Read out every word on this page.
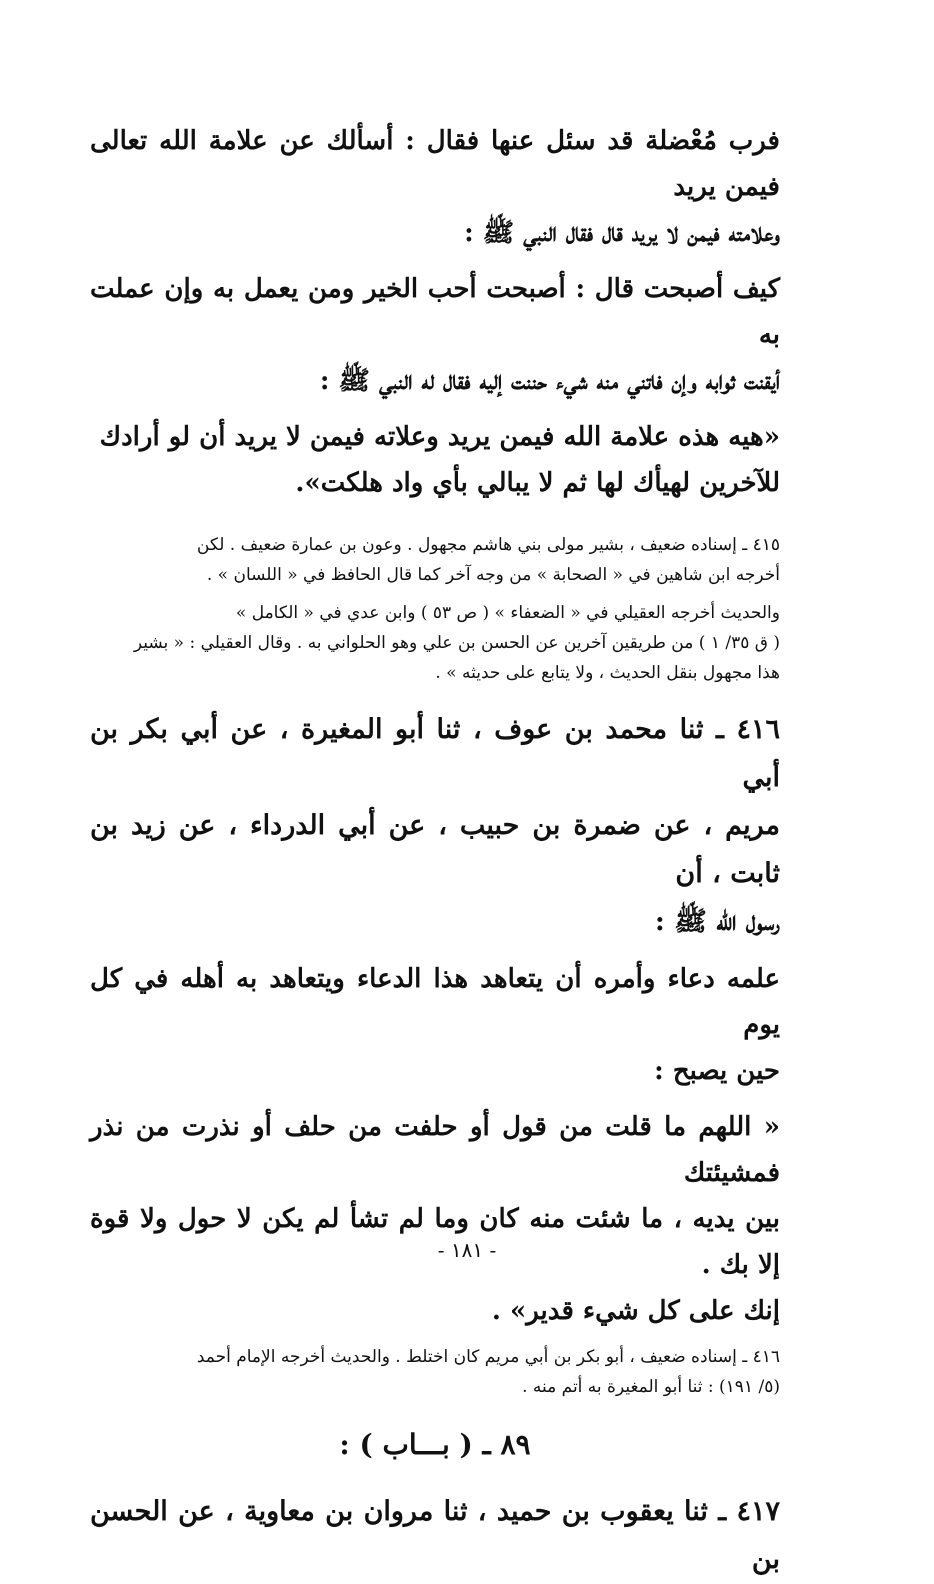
فرب مُعْضلة قد سئل عنها فقال : أسألك عن علامة الله تعالى فيمن يريد
وعلامته فيمن لا يريد قال فقال النبي ﷺ :

كيف أصبحت قال : أصبحت أحب الخير ومن يعمل به وإن عملت به
أيقنت ثوابه وإن فاتني منه شيء حننت إليه فقال له النبي ﷺ :

«هيه هذه علامة الله فيمن يريد وعلاته فيمن لا يريد أن لو أرادك
للآخرين لهيأك لها ثم لا يبالي بأي واد هلكت».

٤١٥ ـ إسناده ضعيف ، بشير مولى بني هاشم مجهول . وعون بن عمارة ضعيف . لكن
أخرجه ابن شاهين في « الصحابة » من وجه آخر كما قال الحافظ في « اللسان » .

والحديث أخرجه العقيلي في « الضعفاء » ( ص ٥٣ ) وابن عدي في « الكامل »
( ق ٣٥/ ١ ) من طريقين آخرين عن الحسن بن علي وهو الحلواني به . وقال العقيلي : « بشير
هذا مجهول بنقل الحديث ، ولا يتابع على حديثه » .

٤١٦ ـ ثنا محمد بن عوف ، ثنا أبو المغيرة ، عن أبي بكر بن أبي
مريم ، عن ضمرة بن حبيب ، عن أبي الدرداء ، عن زيد بن ثابت ، أن
رسول الله ﷺ :

علمه دعاء وأمره أن يتعاهد هذا الدعاء ويتعاهد به أهله في كل يوم
حين يصبح :

« اللهم ما قلت من قول أو حلفت من حلف أو نذرت من نذر فمشيئتك
بين يديه ، ما شئت منه كان وما لم تشأ لم يكن لا حول ولا قوة إلا بك .
إنك على كل شيء قدير» .

٤١٦ ـ إسناده ضعيف ، أبو بكر بن أبي مريم كان اختلط . والحديث أخرجه الإمام أحمد
(٥/ ١٩١) : ثنا أبو المغيرة به أتم منه .

٨٩ ـ ( بـــاب ) :

٤١٧ ـ ثنا يعقوب بن حميد ، ثنا مروان بن معاوية ، عن الحسن بن

- ١٨١ -
